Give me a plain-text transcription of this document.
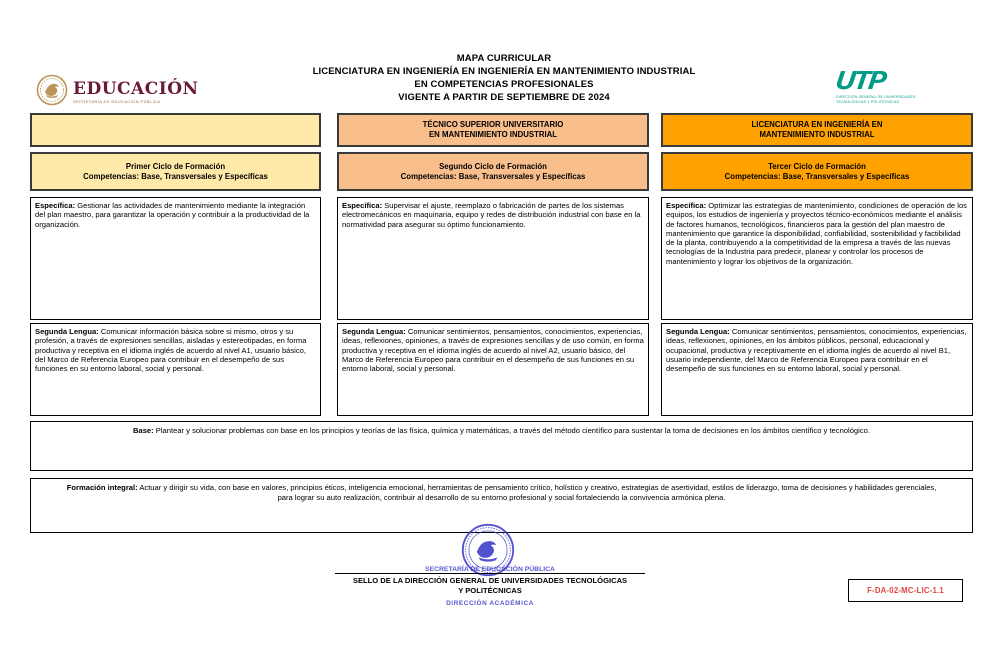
MAPA CURRICULAR
LICENCIATURA EN INGENIERÍA EN INGENIERÍA EN MANTENIMIENTO INDUSTRIAL
EN COMPETENCIAS PROFESIONALES
VIGENTE A PARTIR DE SEPTIEMBRE DE 2024
EDUCACIÓN
SECRETARÍA DE EDUCACIÓN PÚBLICA
UTP
DIRECCIÓN GENERAL DE UNIVERSIDADES
TECNOLÓGICAS Y POLITÉCNICAS
TÉCNICO SUPERIOR UNIVERSITARIO
EN MANTENIMIENTO INDUSTRIAL
LICENCIATURA EN INGENIERÍA EN
MANTENIMIENTO INDUSTRIAL
Primer Ciclo de Formación
Competencias: Base, Transversales y Específicas
Segundo Ciclo de Formación
Competencias: Base, Transversales y Específicas
Tercer Ciclo de Formación
Competencias: Base, Transversales y Específicas
Específica: Gestionar las actividades de mantenimiento mediante la integración del plan maestro, para garantizar la operación y contribuir a la productividad de la organización.
Específica: Supervisar el ajuste, reemplazo o fabricación de partes de los sistemas electromecánicos en maquinaria, equipo y redes de distribución industrial con base en la normatividad para asegurar su óptimo funcionamiento.
Específica: Optimizar las estrategias de mantenimiento, condiciones de operación de los equipos, los estudios de ingeniería y proyectos técnico-económicos mediante el análisis de factores humanos, tecnológicos, financieros para la gestión del plan maestro de mantenimiento que garantice la disponibilidad, confiabilidad, sostenibilidad y factibilidad de la planta, contribuyendo a la competitividad de la empresa a través de las nuevas tecnologías de la Industria para predecir, planear y controlar los procesos de mantenimiento y lograr los objetivos de la organización.
Segunda Lengua: Comunicar información básica sobre si mismo, otros y su profesión, a través de expresiones sencillas, aisladas y estereotipadas, en forma productiva y receptiva en el idioma inglés de acuerdo al nivel A1, usuario básico, del Marco de Referencia Europeo para contribuir en el desempeño de sus funciones en su entorno laboral, social y personal.
Segunda Lengua: Comunicar sentimientos, pensamientos, conocimientos, experiencias, ideas, reflexiones, opiniones, a través de expresiones sencillas y de uso común, en forma productiva y receptiva en el idioma inglés de acuerdo al nivel A2, usuario básico, del Marco de Referencia Europeo para contribuir en el desempeño de sus funciones en su entorno laboral, social y personal.
Segunda Lengua: Comunicar sentimientos, pensamientos, conocimientos, experiencias, ideas, reflexiones, opiniones, en los ámbitos públicos, personal, educacional y ocupacional, productiva y receptivamente en el idioma inglés de acuerdo al nivel B1, usuario independiente, del Marco de Referencia Europeo para contribuir en el desempeño de sus funciones en su entorno laboral, social y personal.
Base: Plantear y solucionar problemas con base en los principios y teorías de las física, química y matemáticas, a través del método científico para sustentar la toma de decisiones en los ámbitos científico y tecnológico.
Formación integral: Actuar y dirigir su vida, con base en valores, principios éticos, inteligencia emocional, herramientas de pensamiento crítico, holístico y creativo, estrategias de asertividad, estilos de liderazgo, toma de decisiones y habilidades gerenciales, para lograr su auto realización, contribuir al desarrollo de su entorno profesional y social fortaleciendo la convivencia armónica plena.
SECRETARÍA DE EDUCACIÓN PÚBLICA
SELLO DE LA DIRECCIÓN GENERAL DE UNIVERSIDADES TECNOLÓGICAS
Y POLITÉCNICAS
DIRECCIÓN ACADÉMICA
F-DA-02-MC-LIC-1.1
